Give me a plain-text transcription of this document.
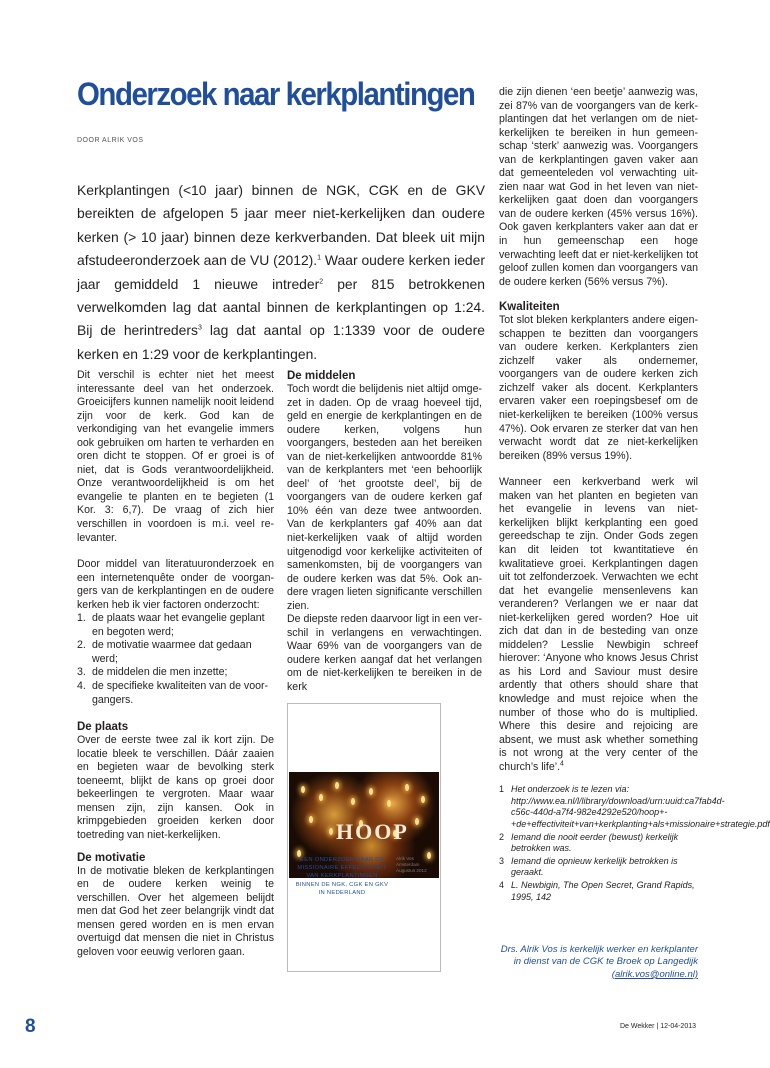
Onderzoek naar kerkplantingen
DOOR ALRIK VOS
Kerkplantingen (<10 jaar) binnen de NGK, CGK en de GKV bereikten de afgelopen 5 jaar meer niet-kerkelijken dan oudere kerken (> 10 jaar) binnen deze kerkverbanden. Dat bleek uit mijn afstudeeronderzoek aan de VU (2012).$^1$ Waar oudere kerken ieder jaar gemiddeld 1 nieuwe intreder$^2$ per 815 betrokkenen verwelkomden lag dat aantal binnen de kerkplantingen op 1:24. Bij de herintreders$^3$ lag dat aantal op 1:1339 voor de oudere kerken en 1:29 voor de kerkplantingen.

Dit verschil is echter niet het meest interessante deel van het onderzoek. Groeicijfers kunnen namelijk nooit leidend zijn voor de kerk. God kan de verkondiging van het evangelie immers ook gebruiken om harten te verharden en oren dicht te stoppen. Of er groei is of niet, dat is Gods verantwoordelijkheid. Onze verantwoordelijkheid is om het evangelie te planten en te begieten (1 Kor. 3: 6,7). De vraag of zich hier verschillen in voordoen is m.i. veel relevanter.

Door middel van literatuuronderzoek en een internetenquête onder de voorgangers van de kerkplantingen en de oudere kerken heb ik vier factoren onderzocht:

1. de plaats waar het evangelie geplant en begoten werd;
2. de motivatie waarmee dat gedaan werd;
3. de middelen die men inzette;
4. de specifieke kwaliteiten van de voorgangers.
De plaats

Over de eerste twee zal ik kort zijn. De locatie bleek te verschillen. Dáár zaaien en begieten waar de bevolking sterk toeneemt, blijkt de kans op groei door bekeerlingen te vergroten. Maar waar mensen zijn, zijn kansen. Ook in krimpgebieden groeiden kerken door toetreding van niet-kerkelijken.

De motivatie

In de motivatie bleken de kerkplantingen en de oudere kerken weinig te verschillen. Over het algemeen belijdt men dat God het zeer belangrijk vindt dat mensen gered worden en is men ervan overtuigd dat mensen die niet in Christus geloven voor eeuwig verloren gaan.

De middelen

Toch wordt die belijdenis niet altijd omgezet in daden. Op de vraag hoeveel tijd, geld en energie de kerkplantingen en de oudere kerken, volgens hun voorgangers, besteden aan het bereiken van de niet-kerkelijken antwoordde 81% van de kerkplanters met ‘een behoorlijk deel’ of ‘het grootste deel’, bij de voorgangers van de oudere kerken gaf 10% één van deze twee antwoorden. Van de kerkplanters gaf 40% aan dat niet-kerkelijken vaak of altijd worden uitgenodigd voor kerkelijke activiteiten of samenkomsten, bij de voorgangers van de oudere kerken was dat 5%. Ook andere vragen lieten significante verschillen zien.

De diepste reden daarvoor ligt in een verschil in verlangens en verwachtingen. Waar 69% van de voorgangers van de oudere kerken aangaf dat het verlangen om de niet-kerkelijken te bereiken in de kerk

HOOP
EEN ONDERZOEK NAAR DE MISSIONAIRE EFFECTIVITEIT VAN KERKPLANTINGEN BINNEN DE NGK, CGK EN GKV IN NEDERLAND
Alrik Vos Amsterdam Augustus 2012

die zijn dienen ‘een beetje’ aanwezig was, zei 87% van de voorgangers van de kerkplantingen dat het verlangen om de niet-kerkelijken te bereiken in hun gemeenschap ‘sterk’ aanwezig was. Voorgangers van de kerkplantingen gaven vaker aan dat gemeenteleden vol verwachting uitzien naar wat God in het leven van niet-kerkelijken gaat doen dan voorgangers van de oudere kerken (45% versus 16%). Ook gaven kerkplanters vaker aan dat er in hun gemeenschap een hoge verwachting leeft dat er niet-kerkelijken tot geloof zullen komen dan voorgangers van de oudere kerken (56% versus 7%).

Kwaliteiten

Tot slot bleken kerkplanters andere eigenschappen te bezitten dan voorgangers van oudere kerken. Kerkplanters zien zichzelf vaker als ondernemer, voorgangers van de oudere kerken zich zichzelf vaker als docent. Kerkplanters ervaren vaker een roepingsbesef om de niet-kerkelijken te bereiken (100% versus 47%). Ook ervaren ze sterker dat van hen verwacht wordt dat ze niet-kerkelijken bereiken (89% versus 19%).

Wanneer een kerkverband werk wil maken van het planten en begieten van het evangelie in levens van niet-kerkelijken blijkt kerkplanting een goed gereedschap te zijn. Onder Gods zegen kan dit leiden tot kwantitatieve én kwalitatieve groei. Kerkplantingen dagen uit tot zelfonderzoek. Verwachten we echt dat het evangelie mensenlevens kan veranderen? Verlangen we er naar dat niet-kerkelijken gered worden? Hoe uit zich dat dan in de besteding van onze middelen? Lesslie Newbigin schreef hierover: ‘Anyone who knows Jesus Christ as his Lord and Saviour must desire ardently that others should share that knowledge and must rejoice when the number of those who do is multiplied. Where this desire and rejoicing are absent, we must ask whether something is not wrong at the very center of the church’s life’.$^4$

1 Het onderzoek is te lezen via: http://www.ea.nl/l/library/download/urn:uuid:ca7fab4d-c56c-440d-a7f4-982e4292e520/hoop+-+de+effectiviteit+van+kerkplanting+als+missionaire+strategie.pdf
2 Iemand die nooit eerder (bewust) kerkelijk betrokken was.
3 Iemand die opnieuw kerkelijk betrokken is geraakt.
4 L. Newbigin, The Open Secret, Grand Rapids, 1995, 142
Drs. Alrik Vos is kerkelijk werker en kerkplanter in dienst van de CGK te Broek op Langedijk
(alrik.vos@online.nl)
8	De Wekker | 12-04-2013
